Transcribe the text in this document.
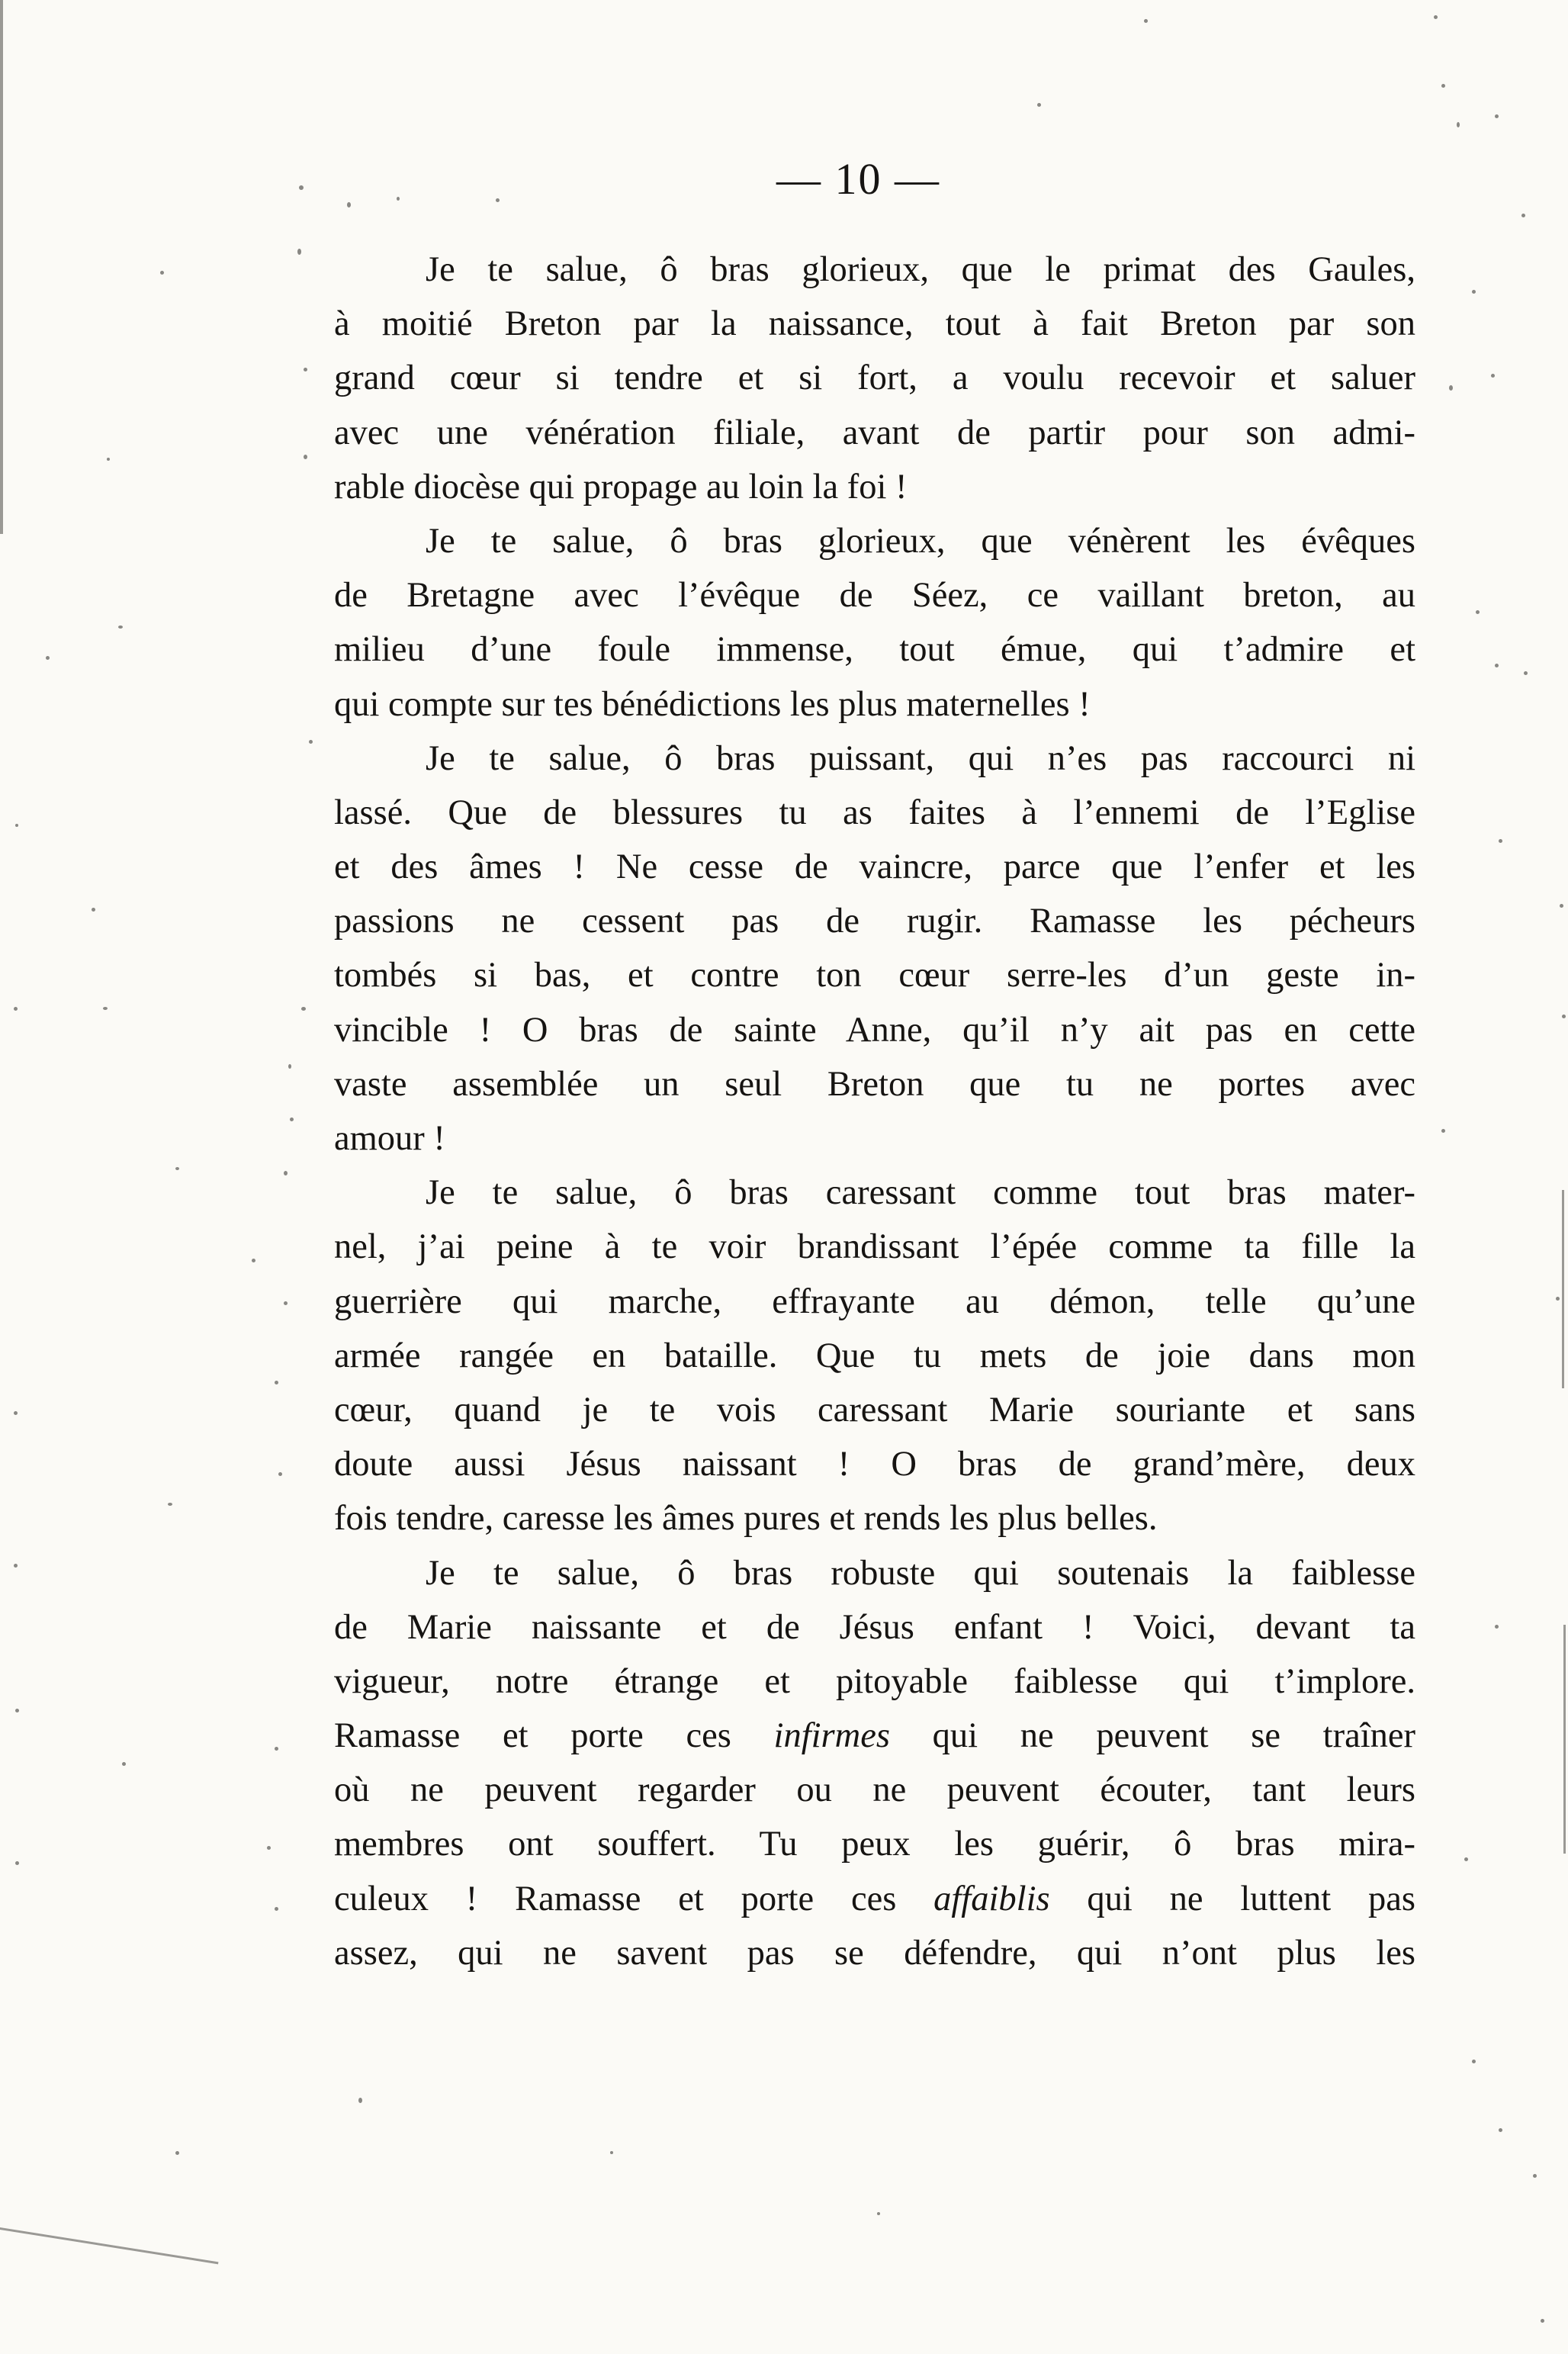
— 10 —
Je te salue, ô bras glorieux, que le primat des Gaules,
à moitié Breton par la naissance, tout à fait Breton par son
grand cœur si tendre et si fort, a voulu recevoir et saluer
avec une vénération filiale, avant de partir pour son admi-
rable diocèse qui propage au loin la foi !
Je te salue, ô bras glorieux, que vénèrent les évêques
de Bretagne avec l’évêque de Séez, ce vaillant breton, au
milieu d’une foule immense, tout émue, qui t’admire et
qui compte sur tes bénédictions les plus maternelles !
Je te salue, ô bras puissant, qui n’es pas raccourci ni
lassé. Que de blessures tu as faites à l’ennemi de l’Eglise
et des âmes ! Ne cesse de vaincre, parce que l’enfer et les
passions ne cessent pas de rugir. Ramasse les pécheurs
tombés si bas, et contre ton cœur serre-les d’un geste in-
vincible ! O bras de sainte Anne, qu’il n’y ait pas en cette
vaste assemblée un seul Breton que tu ne portes avec
amour !
Je te salue, ô bras caressant comme tout bras mater-
nel, j’ai peine à te voir brandissant l’épée comme ta fille la
guerrière qui marche, effrayante au démon, telle qu’une
armée rangée en bataille. Que tu mets de joie dans mon
cœur, quand je te vois caressant Marie souriante et sans
doute aussi Jésus naissant ! O bras de grand’mère, deux
fois tendre, caresse les âmes pures et rends les plus belles.
Je te salue, ô bras robuste qui soutenais la faiblesse
de Marie naissante et de Jésus enfant ! Voici, devant ta
vigueur, notre étrange et pitoyable faiblesse qui t’implore.
Ramasse et porte ces infirmes qui ne peuvent se traîner
où ne peuvent regarder ou ne peuvent écouter, tant leurs
membres ont souffert. Tu peux les guérir, ô bras mira-
culeux ! Ramasse et porte ces affaiblis qui ne luttent pas
assez, qui ne savent pas se défendre, qui n’ont plus les
